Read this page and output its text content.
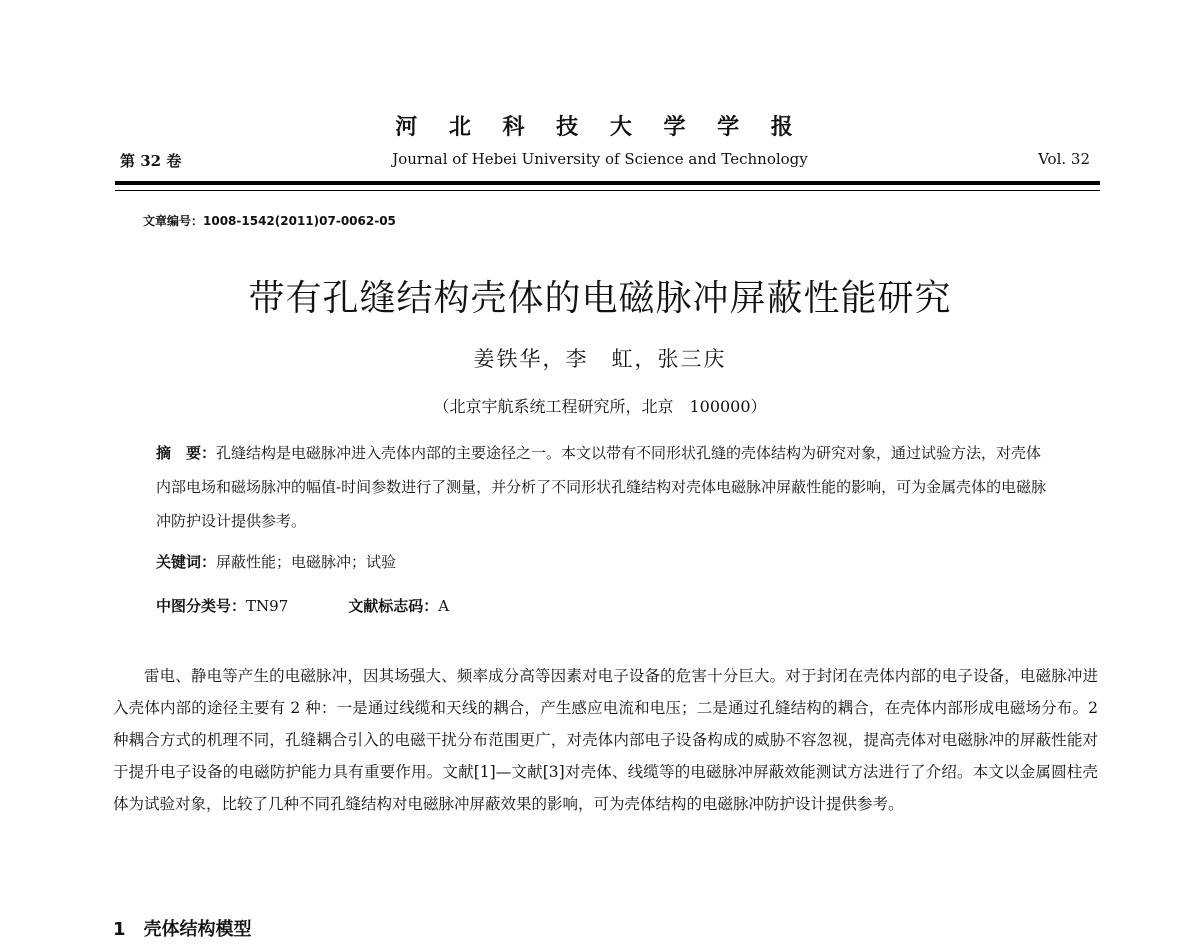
河 北 科 技 大 学 学 报
第 32 卷	Journal of Hebei University of Science and Technology	Vol. 32
文章编号：1008-1542(2011)07-0062-05
带有孔缝结构壳体的电磁脉冲屏蔽性能研究
姜铁华，李　虹，张三庆
（北京宇航系统工程研究所，北京　100000）
摘　要：孔缝结构是电磁脉冲进入壳体内部的主要途径之一。本文以带有不同形状孔缝的壳体结构为研究对象，通过试验方法，对壳体内部电场和磁场脉冲的幅值-时间参数进行了测量，并分析了不同形状孔缝结构对壳体电磁脉冲屏蔽性能的影响，可为金属壳体的电磁脉冲防护设计提供参考。
关键词：屏蔽性能；电磁脉冲；试验
中图分类号：TN97	文献标志码：A

雷电、静电等产生的电磁脉冲，因其场强大、频率成分高等因素对电子设备的危害十分巨大。对于封闭在壳体内部的电子设备，电磁脉冲进入壳体内部的途径主要有 2 种：一是通过线缆和天线的耦合，产生感应电流和电压；二是通过孔缝结构的耦合，在壳体内部形成电磁场分布。2 种耦合方式的机理不同，孔缝耦合引入的电磁干扰分布范围更广，对壳体内部电子设备构成的威胁不容忽视，提高壳体对电磁脉冲的屏蔽性能对于提升电子设备的电磁防护能力具有重要作用。文献[1]—文献[3]对壳体、线缆等的电磁脉冲屏蔽效能测试方法进行了介绍。本文以金属圆柱壳体为试验对象，比较了几种不同孔缝结构对电磁脉冲屏蔽效果的影响，可为壳体结构的电磁脉冲防护设计提供参考。

1 壳体结构模型
